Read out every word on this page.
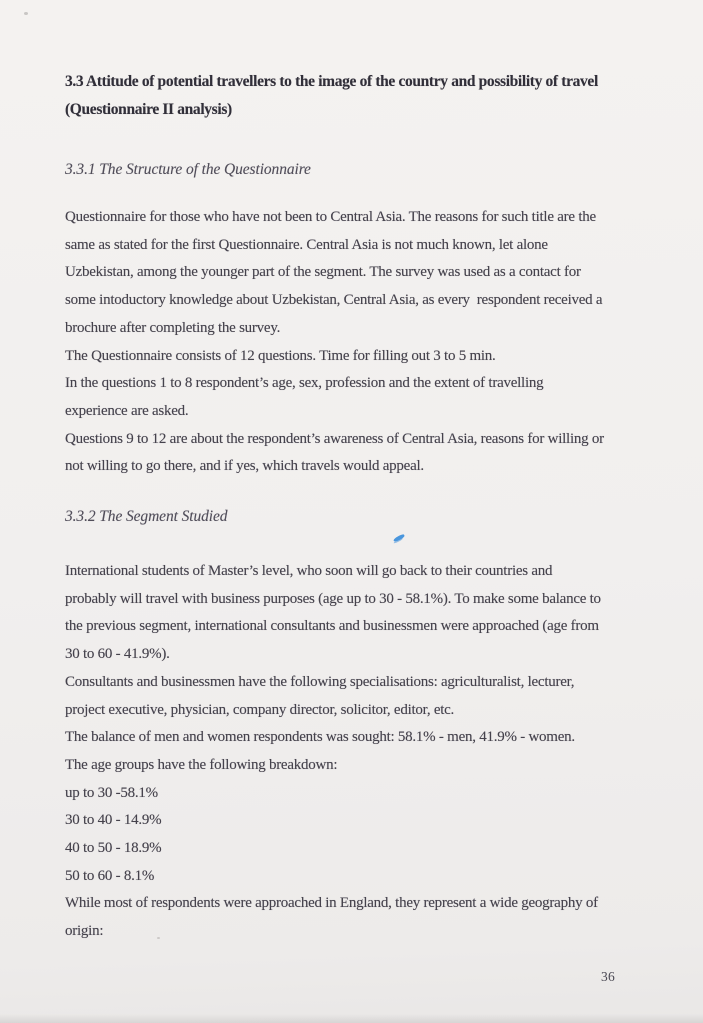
3.3 Attitude of potential travellers to the image of the country and possibility of travel
(Questionnaire II analysis)
3.3.1 The Structure of the Questionnaire
Questionnaire for those who have not been to Central Asia. The reasons for such title are the
same as stated for the first Questionnaire. Central Asia is not much known, let alone
Uzbekistan, among the younger part of the segment. The survey was used as a contact for
some intoductory knowledge about Uzbekistan, Central Asia, as every  respondent received a
brochure after completing the survey.
The Questionnaire consists of 12 questions. Time for filling out 3 to 5 min.
In the questions 1 to 8 respondent’s age, sex, profession and the extent of travelling
experience are asked.
Questions 9 to 12 are about the respondent’s awareness of Central Asia, reasons for willing or
not willing to go there, and if yes, which travels would appeal.
3.3.2 The Segment Studied
International students of Master’s level, who soon will go back to their countries and
probably will travel with business purposes (age up to 30 - 58.1%). To make some balance to
the previous segment, international consultants and businessmen were approached (age from
30 to 60 - 41.9%).
Consultants and businessmen have the following specialisations: agriculturalist, lecturer,
project executive, physician, company director, solicitor, editor, etc.
The balance of men and women respondents was sought: 58.1% - men, 41.9% - women.
The age groups have the following breakdown:
up to 30 -58.1%
30 to 40 - 14.9%
40 to 50 - 18.9%
50 to 60 - 8.1%
While most of respondents were approached in England, they represent a wide geography of
origin:
36
